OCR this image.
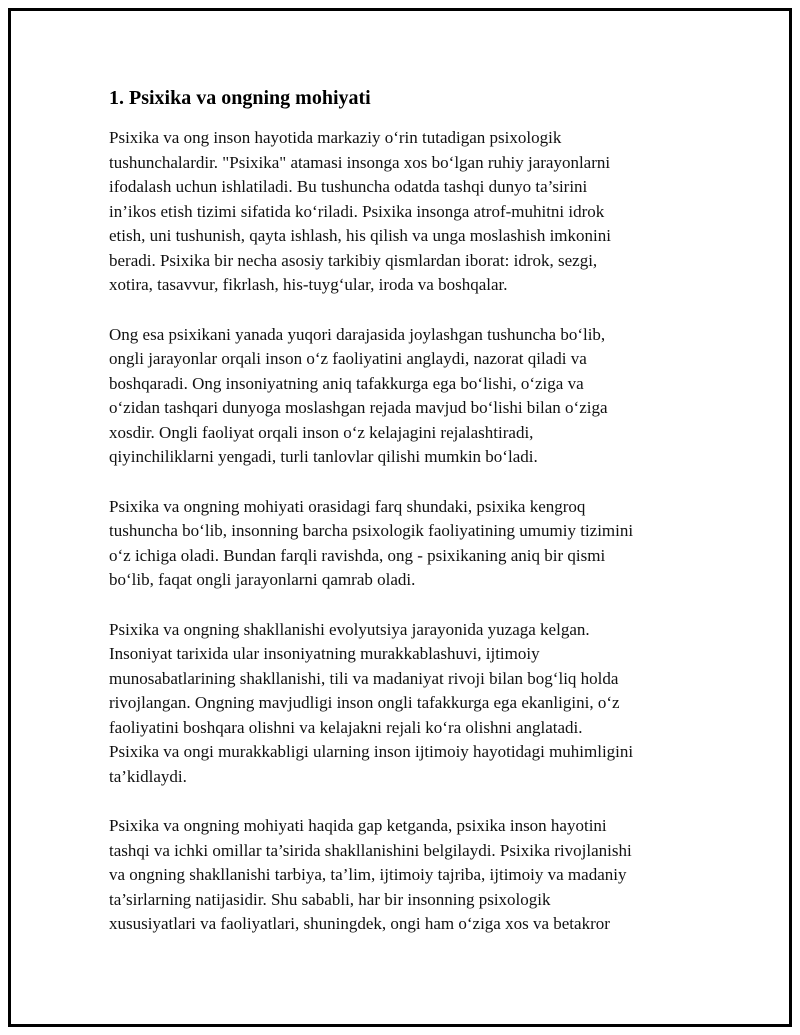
1. Psixika va ongning mohiyati
Psixika va ong inson hayotida markaziy o‘rin tutadigan psixologik
tushunchalardir. "Psixika" atamasi insonga xos bo‘lgan ruhiy jarayonlarni
ifodalash uchun ishlatiladi. Bu tushuncha odatda tashqi dunyo ta’sirini
in’ikos etish tizimi sifatida ko‘riladi. Psixika insonga atrof-muhitni idrok
etish, uni tushunish, qayta ishlash, his qilish va unga moslashish imkonini
beradi. Psixika bir necha asosiy tarkibiy qismlardan iborat: idrok, sezgi,
xotira, tasavvur, fikrlash, his-tuyg‘ular, iroda va boshqalar.
Ong esa psixikani yanada yuqori darajasida joylashgan tushuncha bo‘lib,
ongli jarayonlar orqali inson o‘z faoliyatini anglaydi, nazorat qiladi va
boshqaradi. Ong insoniyatning aniq tafakkurga ega bo‘lishi, o‘ziga va
o‘zidan tashqari dunyoga moslashgan rejada mavjud bo‘lishi bilan o‘ziga
xosdir. Ongli faoliyat orqali inson o‘z kelajagini rejalashtiradi,
qiyinchiliklarni yengadi, turli tanlovlar qilishi mumkin bo‘ladi.
Psixika va ongning mohiyati orasidagi farq shundaki, psixika kengroq
tushuncha bo‘lib, insonning barcha psixologik faoliyatining umumiy tizimini
o‘z ichiga oladi. Bundan farqli ravishda, ong - psixikaning aniq bir qismi
bo‘lib, faqat ongli jarayonlarni qamrab oladi.
Psixika va ongning shakllanishi evolyutsiya jarayonida yuzaga kelgan.
Insoniyat tarixida ular insoniyatning murakkablashuvi, ijtimoiy
munosabatlarining shakllanishi, tili va madaniyat rivoji bilan bog‘liq holda
rivojlangan. Ongning mavjudligi inson ongli tafakkurga ega ekanligini, o‘z
faoliyatini boshqara olishni va kelajakni rejali ko‘ra olishni anglatadi.
Psixika va ongi murakkabligi ularning inson ijtimoiy hayotidagi muhimligini
ta’kidlaydi.
Psixika va ongning mohiyati haqida gap ketganda, psixika inson hayotini
tashqi va ichki omillar ta’sirida shakllanishini belgilaydi. Psixika rivojlanishi
va ongning shakllanishi tarbiya, ta’lim, ijtimoiy tajriba, ijtimoiy va madaniy
ta’sirlarning natijasidir. Shu sababli, har bir insonning psixologik
xususiyatlari va faoliyatlari, shuningdek, ongi ham o‘ziga xos va betakror
